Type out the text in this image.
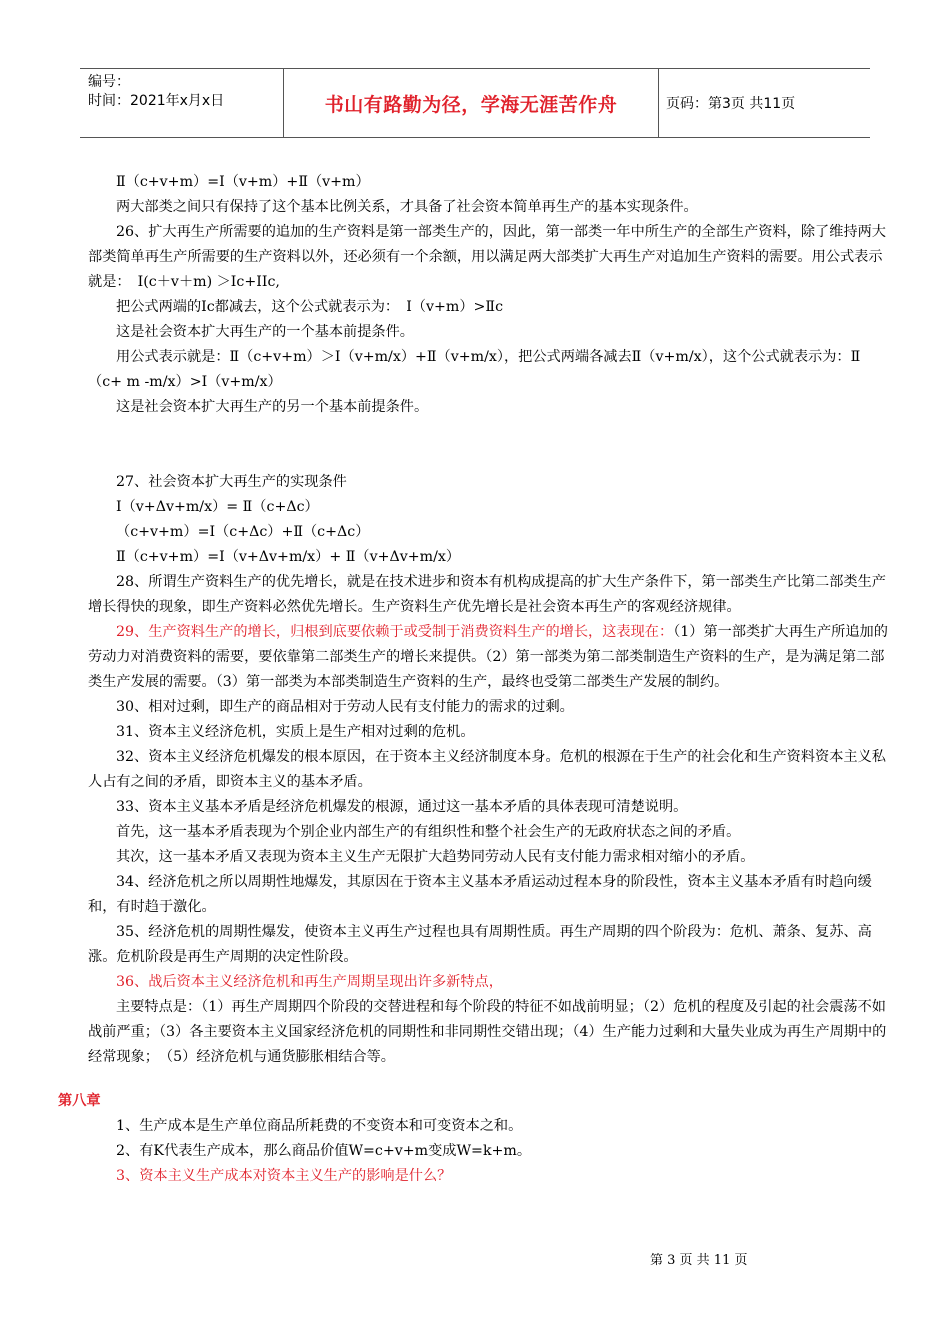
编号：
时间：2021年x月x日	书山有路勤为径，学海无涯苦作舟	页码：第3页 共11页

Ⅱ（c+v+m）=Ⅰ（v+m）+Ⅱ（v+m）

两大部类之间只有保持了这个基本比例关系，才具备了社会资本简单再生产的基本实现条件。

26、扩大再生产所需要的追加的生产资料是第一部类生产的，因此，第一部类一年中所生产的全部生产资料，除了维持两大部类简单再生产所需要的生产资料以外，还必须有一个余额，用以满足两大部类扩大再生产对追加生产资料的需要。用公式表示就是：　Ⅰ(c＋v＋m) ＞Ic+IIc,

把公式两端的Ic都减去，这个公式就表示为：　Ⅰ（v+m）>Ⅱc

这是社会资本扩大再生产的一个基本前提条件。

用公式表示就是：Ⅱ（c+v+m）＞Ⅰ（v+m/x）+Ⅱ（v+m/x），把公式两端各减去Ⅱ（v+m/x），这个公式就表示为：Ⅱ（c+ m -m/x）>Ⅰ（v+m/x）

这是社会资本扩大再生产的另一个基本前提条件。

27、社会资本扩大再生产的实现条件

Ⅰ（v+Δv+m/x）= Ⅱ（c+Δc）

（c+v+m）=Ⅰ（c+Δc）+Ⅱ（c+Δc）

Ⅱ（c+v+m）=Ⅰ（v+Δv+m/x）+ Ⅱ（v+Δv+m/x）

28、所谓生产资料生产的优先增长，就是在技术进步和资本有机构成提高的扩大生产条件下，第一部类生产比第二部类生产增长得快的现象，即生产资料必然优先增长。生产资料生产优先增长是社会资本再生产的客观经济规律。

29、生产资料生产的增长，归根到底要依赖于或受制于消费资料生产的增长，这表现在：（1）第一部类扩大再生产所追加的劳动力对消费资料的需要，要依靠第二部类生产的增长来提供。（2）第一部类为第二部类制造生产资料的生产，是为满足第二部类生产发展的需要。（3）第一部类为本部类制造生产资料的生产，最终也受第二部类生产发展的制约。

30、相对过剩，即生产的商品相对于劳动人民有支付能力的需求的过剩。

31、资本主义经济危机，实质上是生产相对过剩的危机。

32、资本主义经济危机爆发的根本原因，在于资本主义经济制度本身。危机的根源在于生产的社会化和生产资料资本主义私人占有之间的矛盾，即资本主义的基本矛盾。

33、资本主义基本矛盾是经济危机爆发的根源，通过这一基本矛盾的具体表现可清楚说明。

首先，这一基本矛盾表现为个别企业内部生产的有组织性和整个社会生产的无政府状态之间的矛盾。

其次，这一基本矛盾又表现为资本主义生产无限扩大趋势同劳动人民有支付能力需求相对缩小的矛盾。

34、经济危机之所以周期性地爆发，其原因在于资本主义基本矛盾运动过程本身的阶段性，资本主义基本矛盾有时趋向缓和，有时趋于激化。

35、经济危机的周期性爆发，使资本主义再生产过程也具有周期性质。再生产周期的四个阶段为：危机、萧条、复苏、高涨。危机阶段是再生产周期的决定性阶段。

36、战后资本主义经济危机和再生产周期呈现出许多新特点，

主要特点是：（1）再生产周期四个阶段的交替进程和每个阶段的特征不如战前明显；（2）危机的程度及引起的社会震荡不如战前严重；（3）各主要资本主义国家经济危机的同期性和非同期性交错出现；（4）生产能力过剩和大量失业成为再生产周期中的经常现象；　（5）经济危机与通货膨胀相结合等。

第八章

1、生产成本是生产单位商品所耗费的不变资本和可变资本之和。

2、有K代表生产成本，那么商品价值W=c+v+m变成W=k+m。

3、资本主义生产成本对资本主义生产的影响是什么？

第 3 页 共 11 页
